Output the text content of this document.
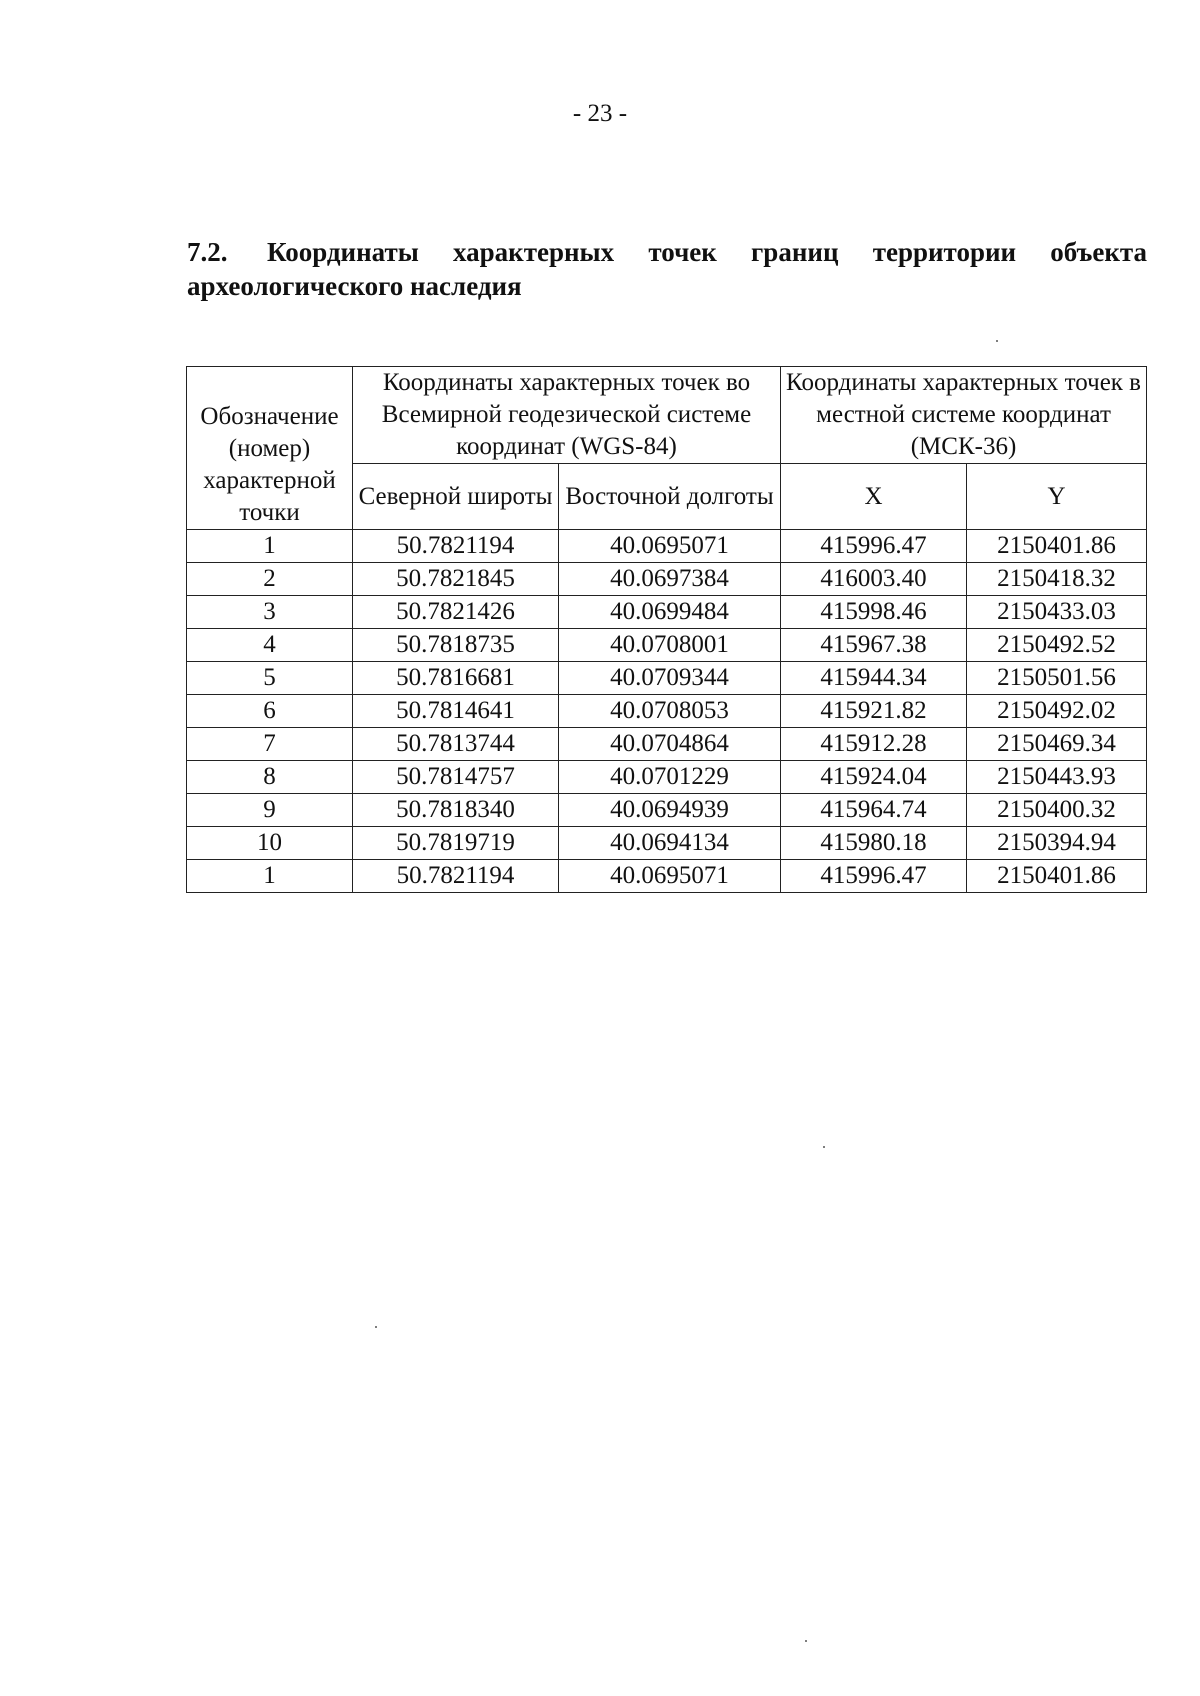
- 23 -
7.2.	Координаты характерных точек границ территории объекта
археологического наследия
Обозначение (номер) характерной точки	Координаты характерных точек во Всемирной геодезической системе координат (WGS-84)		Координаты характерных точек в местной системе координат (МСК-36)	
	Северной широты	Восточной долготы	X	Y
1	50.7821194	40.0695071	415996.47	2150401.86
2	50.7821845	40.0697384	416003.40	2150418.32
3	50.7821426	40.0699484	415998.46	2150433.03
4	50.7818735	40.0708001	415967.38	2150492.52
5	50.7816681	40.0709344	415944.34	2150501.56
6	50.7814641	40.0708053	415921.82	2150492.02
7	50.7813744	40.0704864	415912.28	2150469.34
8	50.7814757	40.0701229	415924.04	2150443.93
9	50.7818340	40.0694939	415964.74	2150400.32
10	50.7819719	40.0694134	415980.18	2150394.94
1	50.7821194	40.0695071	415996.47	2150401.86
